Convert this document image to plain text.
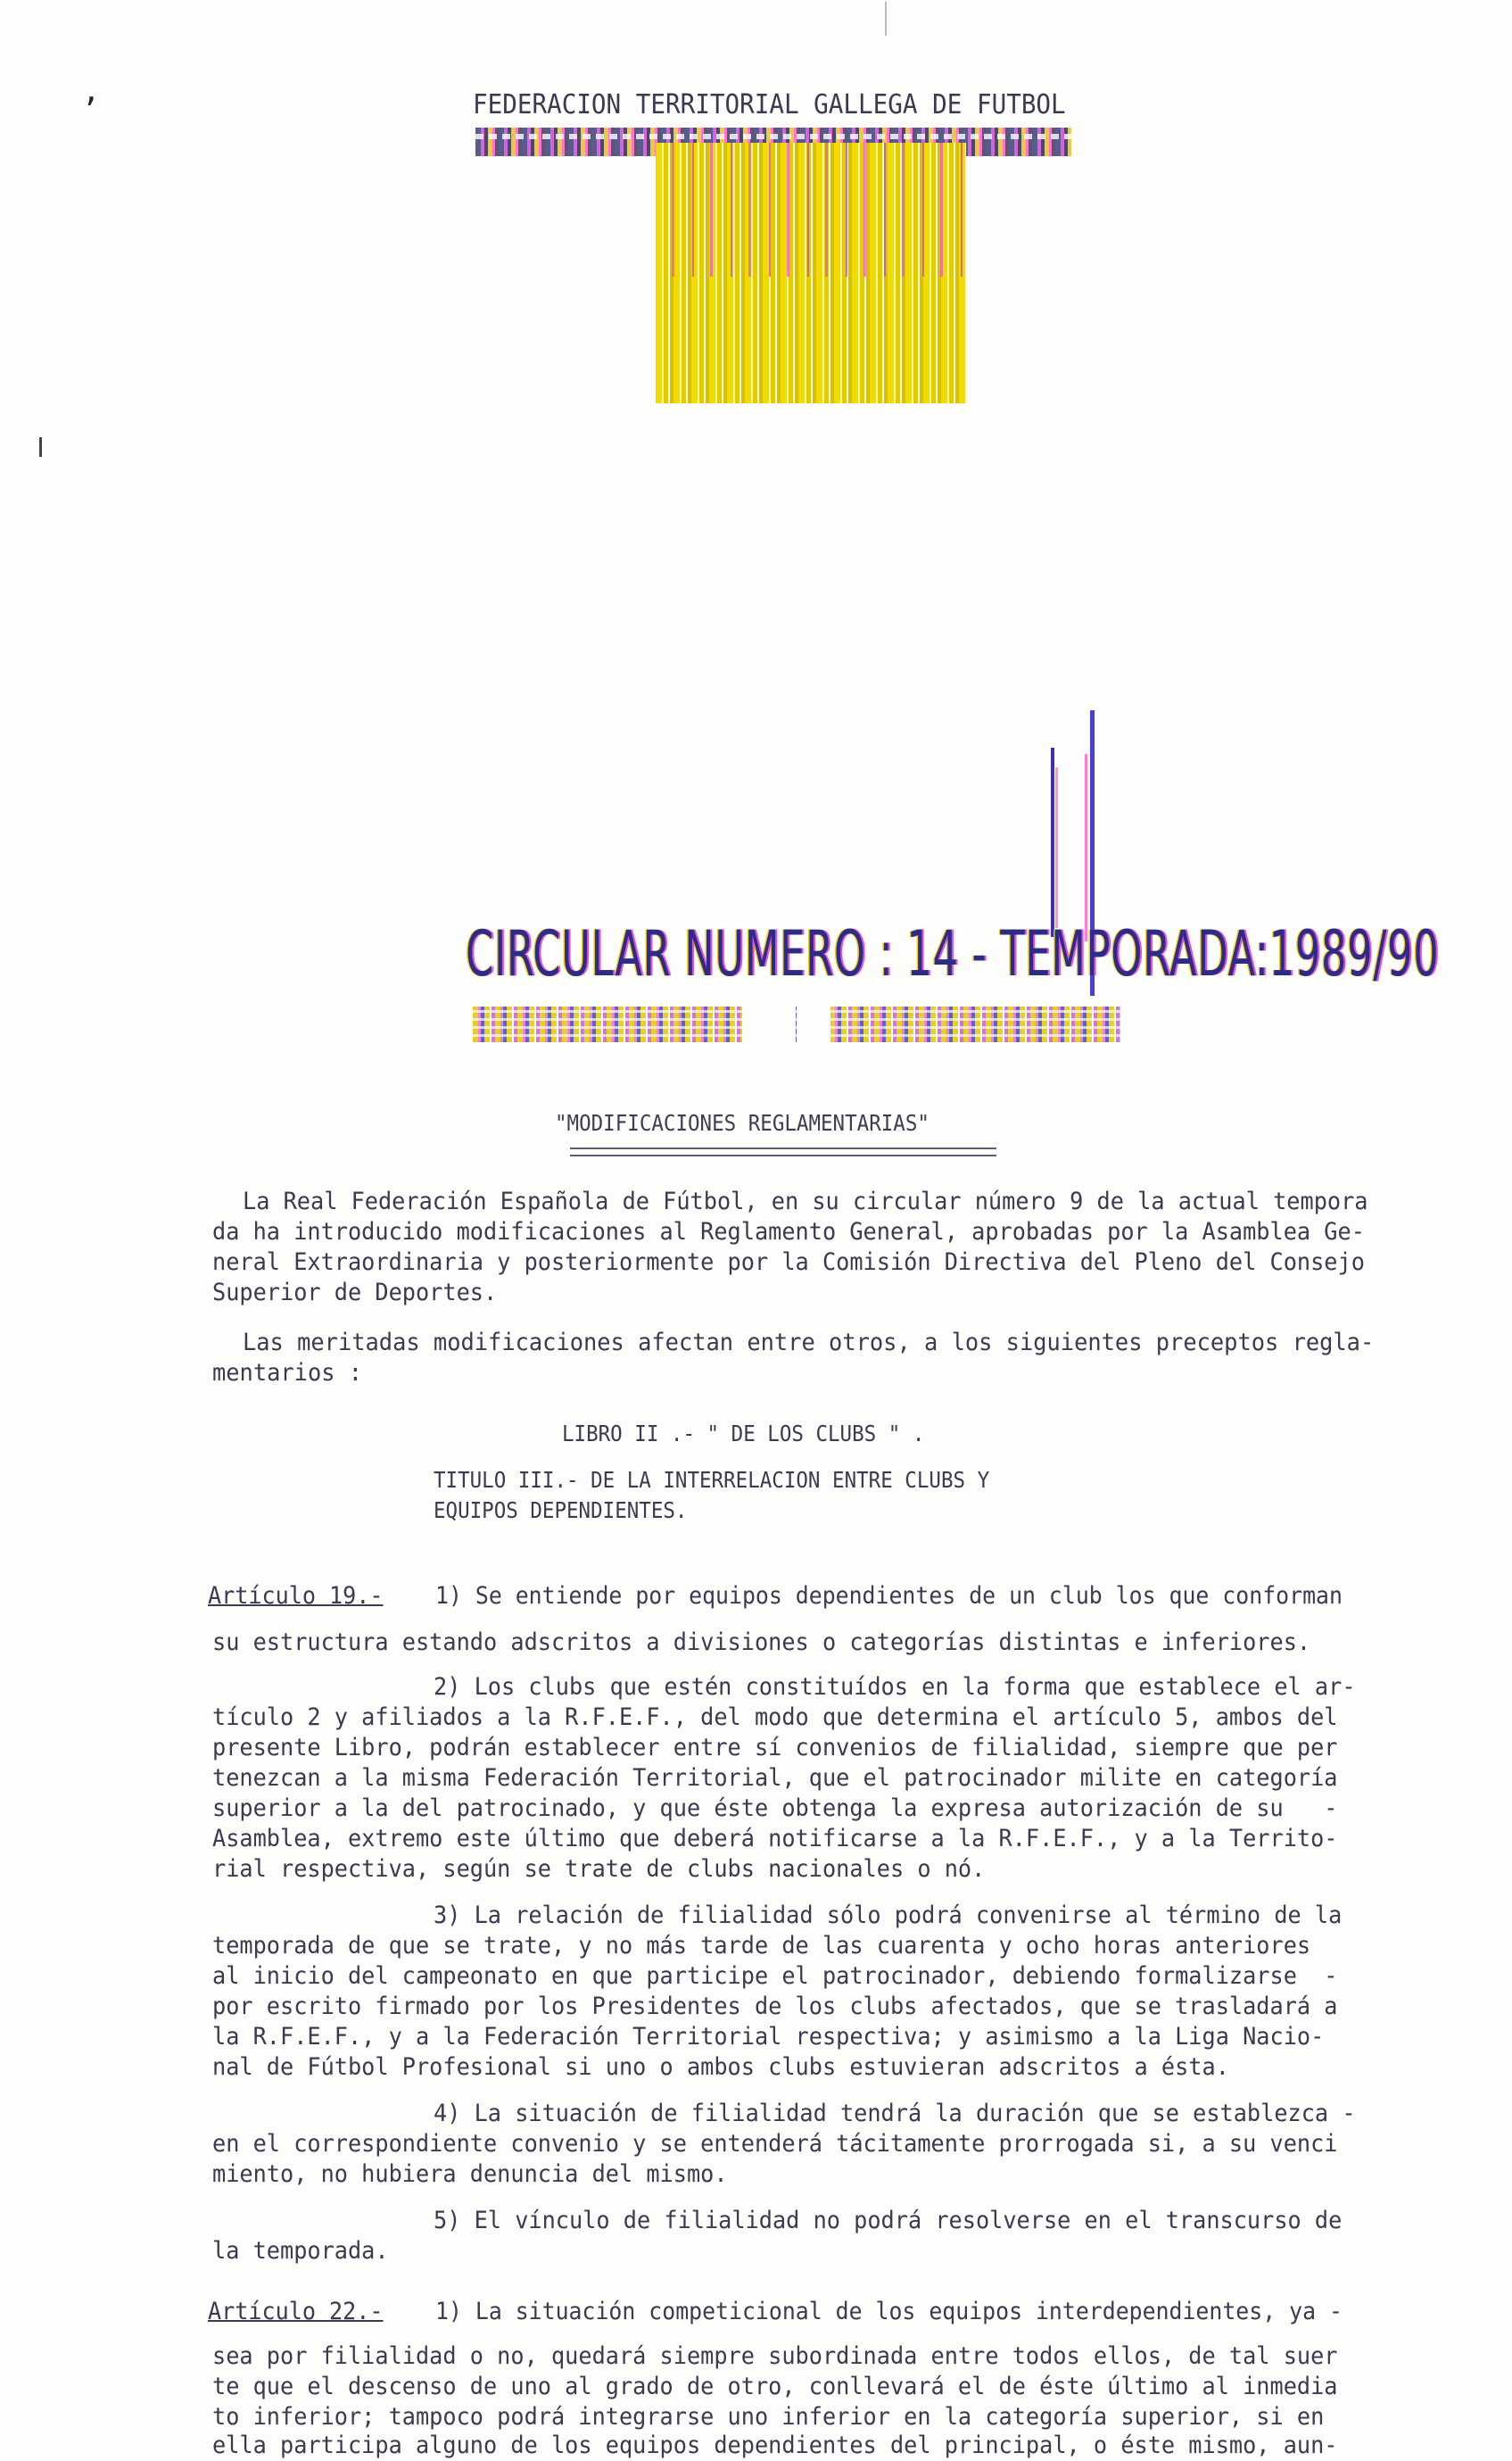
,	FEDERACION TERRITORIAL GALLEGA DE FUTBOL
CIRCULAR NUMERO : 14 - TEMPORADA:1989/90
"MODIFICACIONES REGLAMENTARIAS"
La Real Federación Española de Fútbol, en su circular número 9 de la actual tempora
da ha introducido modificaciones al Reglamento General, aprobadas por la Asamblea Ge-
neral Extraordinaria y posteriormente por la Comisión Directiva del Pleno del Consejo
Superior de Deportes.
Las meritadas modificaciones afectan entre otros, a los siguientes preceptos regla-
mentarios :
LIBRO II .- " DE LOS CLUBS " .
TITULO III.- DE LA INTERRELACION ENTRE CLUBS Y
EQUIPOS DEPENDIENTES.
Artículo 19.- 1) Se entiende por equipos dependientes de un club los que conforman
su estructura estando adscritos a divisiones o categorías distintas e inferiores.
2) Los clubs que estén constituídos en la forma que establece el ar-
tículo 2 y afiliados a la R.F.E.F., del modo que determina el artículo 5, ambos del
presente Libro, podrán establecer entre sí convenios de filialidad, siempre que per
tenezcan a la misma Federación Territorial, que el patrocinador milite en categoría
superior a la del patrocinado, y que éste obtenga la expresa autorización de su   -
Asamblea, extremo este último que deberá notificarse a la R.F.E.F., y a la Territo-
rial respectiva, según se trate de clubs nacionales o nó.
3) La relación de filialidad sólo podrá convenirse al término de la
temporada de que se trate, y no más tarde de las cuarenta y ocho horas anteriores
al inicio del campeonato en que participe el patrocinador, debiendo formalizarse  -
por escrito firmado por los Presidentes de los clubs afectados, que se trasladará a
la R.F.E.F., y a la Federación Territorial respectiva; y asimismo a la Liga Nacio-
nal de Fútbol Profesional si uno o ambos clubs estuvieran adscritos a ésta.
4) La situación de filialidad tendrá la duración que se establezca -
en el correspondiente convenio y se entenderá tácitamente prorrogada si, a su venci
miento, no hubiera denuncia del mismo.
5) El vínculo de filialidad no podrá resolverse en el transcurso de
la temporada.
Artículo 22.- 1) La situación competicional de los equipos interdependientes, ya -
sea por filialidad o no, quedará siempre subordinada entre todos ellos, de tal suer
te que el descenso de uno al grado de otro, conllevará el de éste último al inmedia
to inferior; tampoco podrá integrarse uno inferior en la categoría superior, si en
ella participa alguno de los equipos dependientes del principal, o éste mismo, aun-
